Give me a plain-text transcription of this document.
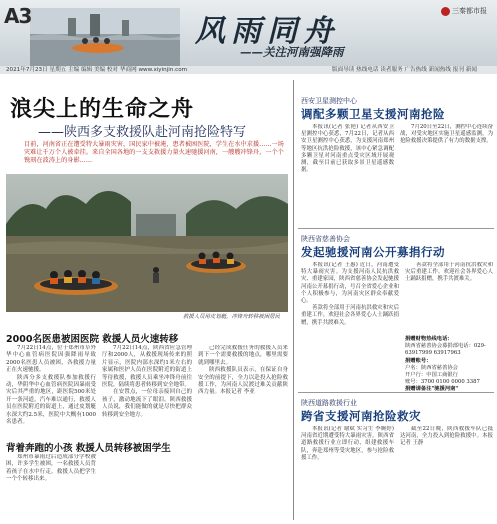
A3	风雨同舟
——关注河南强降雨
三秦都市报
2021年7月23日 星期五 主编 编辑 美编 校对 华商网 www.xiyinjin.com	版面导读 热线电话 读者服务 广告热线 新闻热线 报刊 新闻
浪尖上的生命之舟
——陕西多支救援队赴河南抢险特写
目前，河南省正在遭受特大暴雨灾害，国民家中被淹，患者被困医院，学生在水中求援……一场灾难让千万个人被牵挂。来自全国各地的一支支救援力量火速驰援河南，一艘艘冲锋舟，一个个镌刻在波涛上的身影……
救援人员用皮划艇，冲锋舟转移被困居民
2000名医患被困医院 救援人员火速转移

7月22日14点，位于郑州市阜外华中心血管病医院因强降雨导致2000名医患人员被困，各救援力量正在火速驰援。

陕西分多支救援队参加救援行动，华阴华中心血管病医院因暴雨受灾后其严重的地区，距医院500米处开一条河道，汽车难以通行，救援人员在医院附近的街道上，通过皮划艇水深大约2.5米，医院中大概有1000名患者。

7月22日14点，陕西省应急管理厅和2000人，从救援现场传来的照片显示，医院内部水深约1米左右的家属和医护人员在医院附近的街道上等待救援，救援人员乘坐冲锋舟前往医院，陆续将患者转移到安全地带。

在安置点，一位母亲接回自己的孩子，激动地流下了眼泪。陕西救援人员说，我们能做的就是尽快把群众转移到安全地方。

己经完成救援任务的救援人员来到下一个需要救援的地点，哪里需要就到哪里去。

陕西救援队员表示，在保证自身安全的前提下，全力以赴投入抢险救援工作，为河南人民渡过难关贡献陕西力量。本报记者 李亚

背着奔跑的小孩 救援人员转移被困学生

郑州市暴雨过后造成部分学校被困，许多学生被困，一名救援人员背着孩子在水中行走。救援人员把学生一个个转移出来。

西安卫星测控中心
调配多颗卫星支援河南抢险

本报讯(记者 张艳) 记者从西安卫星测控中心获悉，7月22日，记者从西安卫星测控中心获悉，为支援河南郑州等地区抗洪抢险救援，该中心紧急调配多颗卫星对河南重点受灾区域开展观测，截至目前已获取多景卫星遥感数据。

7月20日至22日，测控中心连续奋战，对受灾地区实施卫星遥感监测，为抢险救援决策提供了有力的数据支撑。

陕西省慈善协会
发起驰援河南公开募捐行动

本报讯(记者 王惠) 近日，河南遭受特大暴雨灾害。为支援河南人民抗洪救灾、重建家园，陕西省慈善协会发起驰援河南公开募捐行动，号召全省爱心企业和个人积极参与，为河南灾区群众奉献爱心。

善款将全部用于河南抗洪救灾和灾后重建工作。欢迎社会各界爱心人士踊跃捐赠，携手共渡难关。

善款将全部用于河南抗洪救灾和灾后重建工作。欢迎社会各界爱心人士踊跃捐赠，携手共渡难关。

捐赠财物热线电话：
陕西省慈善协会募捐部电话：029-63917999 63917963
捐赠账号：
户名：陕西省慈善协会
开户行：中国工商银行
账号：3700 0100 0000 3387
捐赠请备注"驰援河南"
陕西道路救援行业
跨省支援河南抢险救灾

本报讯(记者 谢斌 实习生 李婉婷) 河南省近期遭受特大暴雨灾害，陕西省道路救援行业立即行动，组建救援车队，奔赴郑州等受灾地区，参与抢险救援工作。

截至22日晚，陕西救援车队已抵达河南，全力投入到抢险救援中。本报记者 王静
